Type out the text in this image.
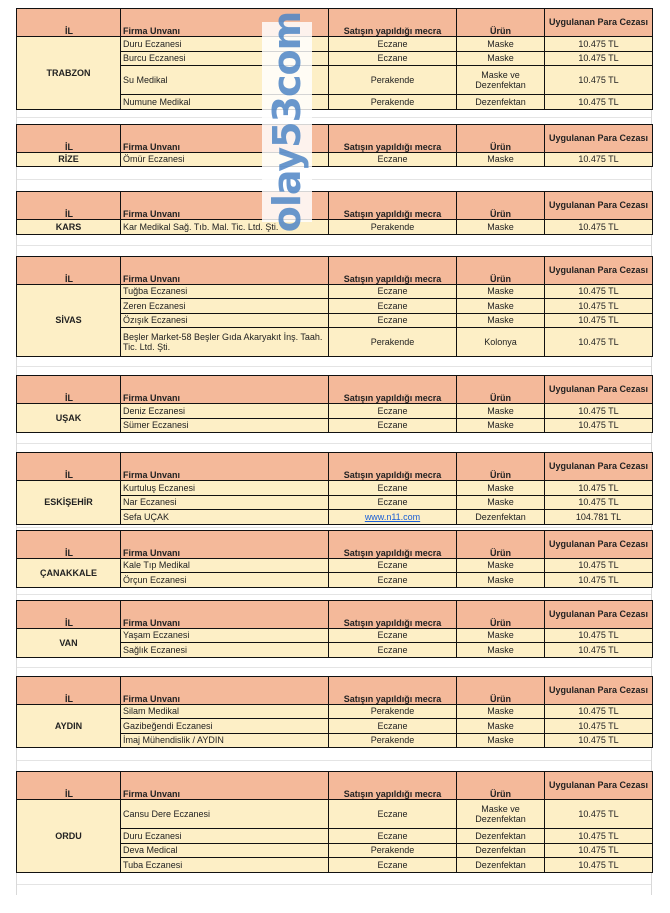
İL	Firma Unvanı	Satışın yapıldığı mecra	Ürün	Uygulanan Para Cezası
TRABZON	Duru Eczanesi	Eczane	Maske	10.475 TL
	Burcu Eczanesi	Eczane	Maske	10.475 TL
	Su Medikal	Perakende	Maske ve Dezenfektan	10.475 TL
	Numune Medikal	Perakende	Dezenfektan	10.475 TL
İL	Firma Unvanı	Satışın yapıldığı mecra	Ürün	Uygulanan Para Cezası
RİZE	Ömür Eczanesi	Eczane	Maske	10.475 TL
İL	Firma Unvanı	Satışın yapıldığı mecra	Ürün	Uygulanan Para Cezası
KARS	Kar Medikal Sağ. Tıb. Mal. Tic. Ltd. Şti.	Perakende	Maske	10.475 TL
İL	Firma Unvanı	Satışın yapıldığı mecra	Ürün	Uygulanan Para Cezası
SİVAS	Tuğba Eczanesi	Eczane	Maske	10.475 TL
	Zeren Eczanesi	Eczane	Maske	10.475 TL
	Özışık Eczanesi	Eczane	Maske	10.475 TL
	Beşler Market-58 Beşler Gıda Akaryakıt İnş. Taah. Tic. Ltd. Şti.	Perakende	Kolonya	10.475 TL
İL	Firma Unvanı	Satışın yapıldığı mecra	Ürün	Uygulanan Para Cezası
UŞAK	Deniz Eczanesi	Eczane	Maske	10.475 TL
	Sümer Eczanesi	Eczane	Maske	10.475 TL
İL	Firma Unvanı	Satışın yapıldığı mecra	Ürün	Uygulanan Para Cezası
ESKİŞEHİR	Kurtuluş Eczanesi	Eczane	Maske	10.475 TL
	Nar Eczanesi	Eczane	Maske	10.475 TL
	Sefa UÇAK	www.n11.com	Dezenfektan	104.781 TL
İL	Firma Unvanı	Satışın yapıldığı mecra	Ürün	Uygulanan Para Cezası
ÇANAKKALE	Kale Tıp Medikal	Eczane	Maske	10.475 TL
	Örçun Eczanesi	Eczane	Maske	10.475 TL
İL	Firma Unvanı	Satışın yapıldığı mecra	Ürün	Uygulanan Para Cezası
VAN	Yaşam Eczanesi	Eczane	Maske	10.475 TL
	Sağlık Eczanesi	Eczane	Maske	10.475 TL
İL	Firma Unvanı	Satışın yapıldığı mecra	Ürün	Uygulanan Para Cezası
AYDIN	Silam Medikal	Perakende	Maske	10.475 TL
	Gazibeğendi Eczanesi	Eczane	Maske	10.475 TL
	İmaj Mühendislik / AYDIN	Perakende	Maske	10.475 TL
İL	Firma Unvanı	Satışın yapıldığı mecra	Ürün	Uygulanan Para Cezası
ORDU	Cansu Dere Eczanesi	Eczane	Maske ve Dezenfektan	10.475 TL
	Duru Eczanesi	Eczane	Dezenfektan	10.475 TL
	Deva Medical	Perakende	Dezenfektan	10.475 TL
	Tuba Eczanesi	Eczane	Dezenfektan	10.475 TL
olay53com
